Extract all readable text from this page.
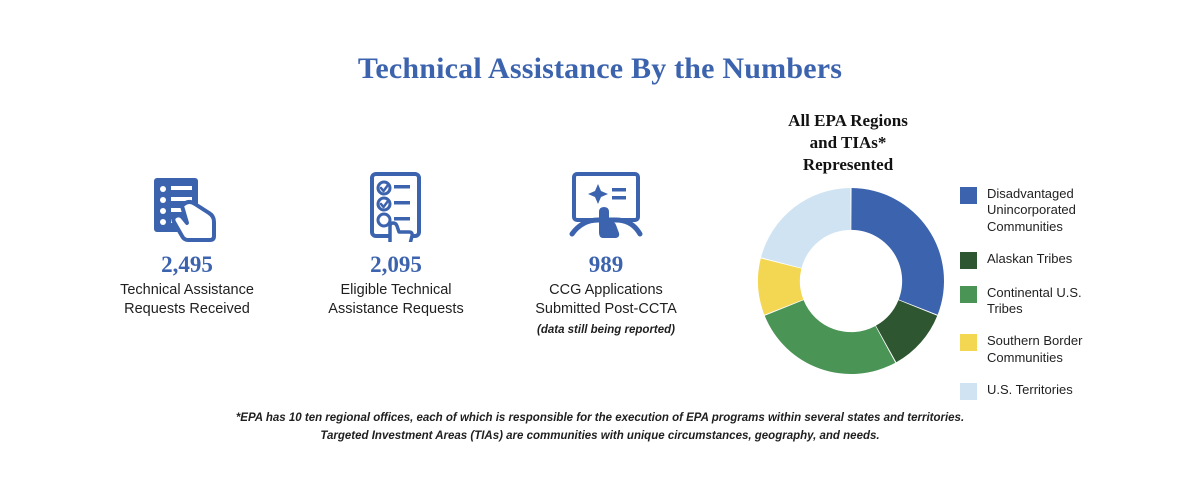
Technical Assistance By the Numbers
2,495
Technical Assistance
Requests Received
2,095
Eligible Technical
Assistance Requests
989
CCG Applications
Submitted Post-CCTA
(data still being reported)
All EPA Regions
and TIAs*
Represented
Disadvantaged
Unincorporated
Communities
Alaskan Tribes
Continental U.S.
Tribes
Southern Border
Communities
U.S. Territories
*EPA has 10 ten regional offices, each of which is responsible for the execution of EPA programs within several states and territories.
Targeted Investment Areas (TIAs) are communities with unique circumstances, geography, and needs.
